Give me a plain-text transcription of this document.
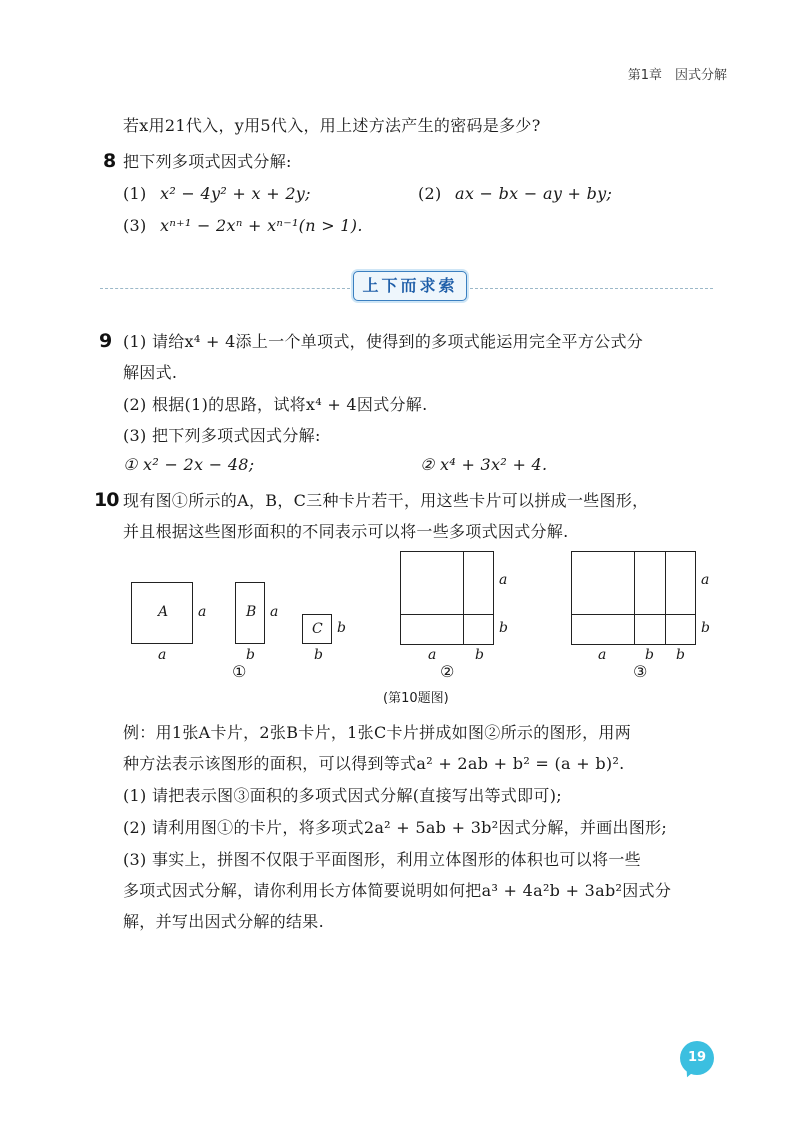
第1章　因式分解
若x用21代入，y用5代入，用上述方法产生的密码是多少?
8 把下列多项式因式分解:
(1) x² − 4y² + x + 2y;	(2) ax − bx − ay + by;
(3) xⁿ⁺¹ − 2xⁿ + xⁿ⁻¹(n > 1).
上下而求索
9 (1) 请给x⁴ + 4添上一个单项式，使得到的多项式能运用完全平方公式分
解因式.
(2) 根据(1)的思路，试将x⁴ + 4因式分解.
(3) 把下列多项式因式分解:
① x² − 2x − 48;	② x⁴ + 3x² + 4.
10 现有图①所示的A，B，C三种卡片若干，用这些卡片可以拼成一些图形，
并且根据这些图形面积的不同表示可以将一些多项式因式分解.
A a
a
B a
b
C b
b
①
a
b
a	b
②
a
b
a	b b
③
(第10题图)
例：用1张A卡片，2张B卡片，1张C卡片拼成如图②所示的图形，用两
种方法表示该图形的面积，可以得到等式a² + 2ab + b² = (a + b)².
(1) 请把表示图③面积的多项式因式分解(直接写出等式即可);
(2) 请利用图①的卡片，将多项式2a² + 5ab + 3b²因式分解，并画出图形;
(3) 事实上，拼图不仅限于平面图形，利用立体图形的体积也可以将一些
多项式因式分解，请你利用长方体简要说明如何把a³ + 4a²b + 3ab²因式分
解，并写出因式分解的结果.
19
